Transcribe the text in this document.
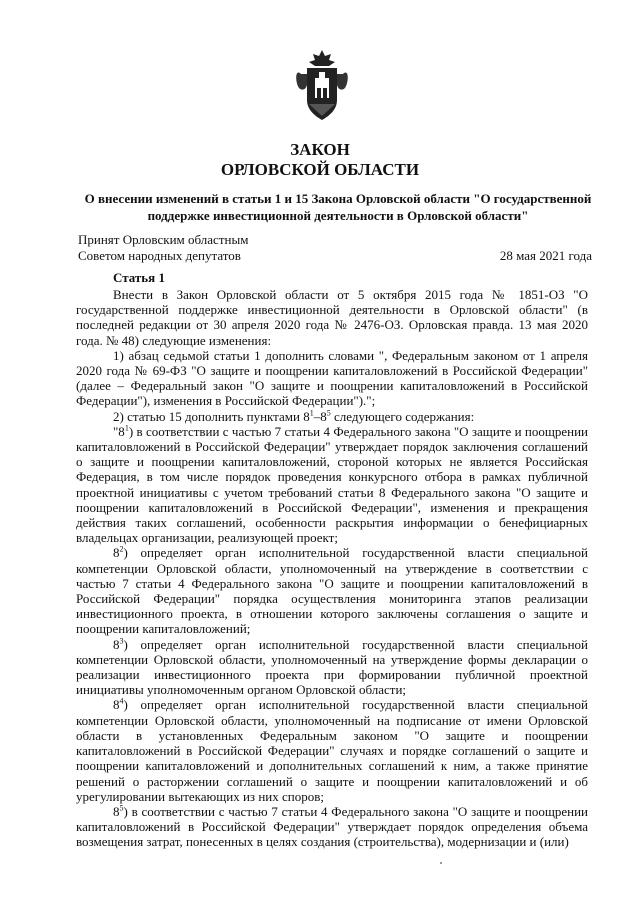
ЗАКОН
ОРЛОВСКОЙ ОБЛАСТИ
О внесении изменений в статьи 1 и 15 Закона Орловской области "О государственной поддержке инвестиционной деятельности в Орловской области"
Принят Орловским областным
Советом народных депутатов	28 мая 2021 года
Статья 1

Внести в Закон Орловской области от 5 октября 2015 года № 1851-ОЗ "О государственной поддержке инвестиционной деятельности в Орловской области" (в последней редакции от 30 апреля 2020 года № 2476-ОЗ. Орловская правда. 13 мая 2020 года. № 48) следующие изменения:

1) абзац седьмой статьи 1 дополнить словами ", Федеральным законом от 1 апреля 2020 года № 69-ФЗ "О защите и поощрении капиталовложений в Российской Федерации" (далее – Федеральный закон "О защите и поощрении капиталовложений в Российской Федерации"), изменения в Российской Федерации").";

2) статью 15 дополнить пунктами $8^1-8^5$ следующего содержания:

"$8^1$) в соответствии с частью 7 статьи 4 Федерального закона "О защите и поощрении капиталовложений в Российской Федерации" утверждает порядок заключения соглашений о защите и поощрении капиталовложений, стороной которых не является Российская Федерация, в том числе порядок проведения конкурсного отбора в рамках публичной проектной инициативы с учетом требований статьи 8 Федерального закона "О защите и поощрении капиталовложений в Российской Федерации", изменения и прекращения действия таких соглашений, особенности раскрытия информации о бенефициарных владельцах организации, реализующей проект;

$8^2$) определяет орган исполнительной государственной власти специальной компетенции Орловской области, уполномоченный на утверждение в соответствии с частью 7 статьи 4 Федерального закона "О защите и поощрении капиталовложений в Российской Федерации" порядка осуществления мониторинга этапов реализации инвестиционного проекта, в отношении которого заключены соглашения о защите и поощрении капиталовложений;

$8^3$) определяет орган исполнительной государственной власти специальной компетенции Орловской области, уполномоченный на утверждение формы декларации о реализации инвестиционного проекта при формировании публичной проектной инициативы уполномоченным органом Орловской области;

$8^4$) определяет орган исполнительной государственной власти специальной компетенции Орловской области, уполномоченный на подписание от имени Орловской области в установленных Федеральным законом "О защите и поощрении капиталовложений в Российской Федерации" случаях и порядке соглашений о защите и поощрении капиталовложений и дополнительных соглашений к ним, а также принятие решений о расторжении соглашений о защите и поощрении капиталовложений и об урегулировании вытекающих из них споров;

$8^5$) в соответствии с частью 7 статьи 4 Федерального закона "О защите и поощрении капиталовложений в Российской Федерации" утверждает порядок определения объема возмещения затрат, понесенных в целях создания (строительства), модернизации и (или)
